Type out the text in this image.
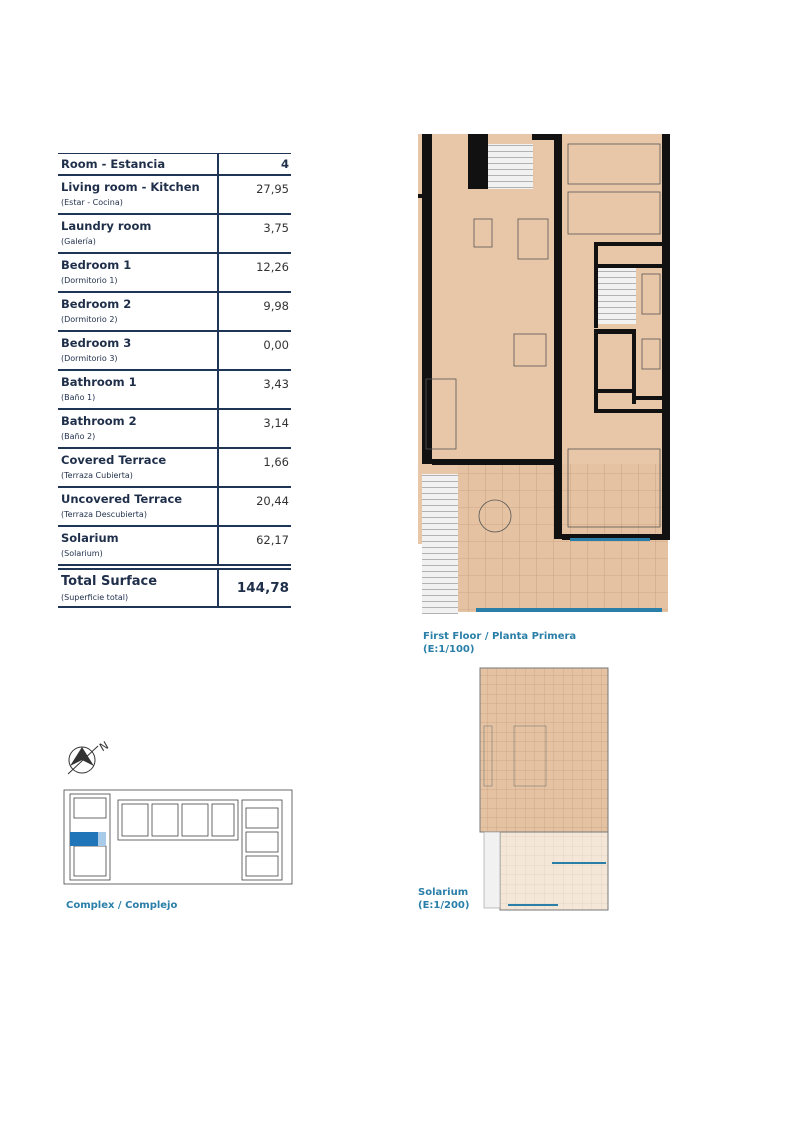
Room - Estancia	4
Living room - Kitchen
(Estar - Cocina)
27,95
Laundry room
(Galería)
3,75
Bedroom 1
(Dormitorio 1)
12,26
Bedroom 2
(Dormitorio 2)
9,98
Bedroom 3
(Dormitorio 3)
0,00
Bathroom 1
(Baño 1)
3,43
Bathroom 2
(Baño 2)
3,14
Covered Terrace
(Terraza Cubierta)
1,66
Uncovered Terrace
(Terraza Descubierta)
20,44
Solarium
(Solarium)
62,17
Total Surface
(Superficie total)
144,78
First Floor / Planta Primera
(E:1/100)
Solarium
(E:1/200)
N
Complex / Complejo
